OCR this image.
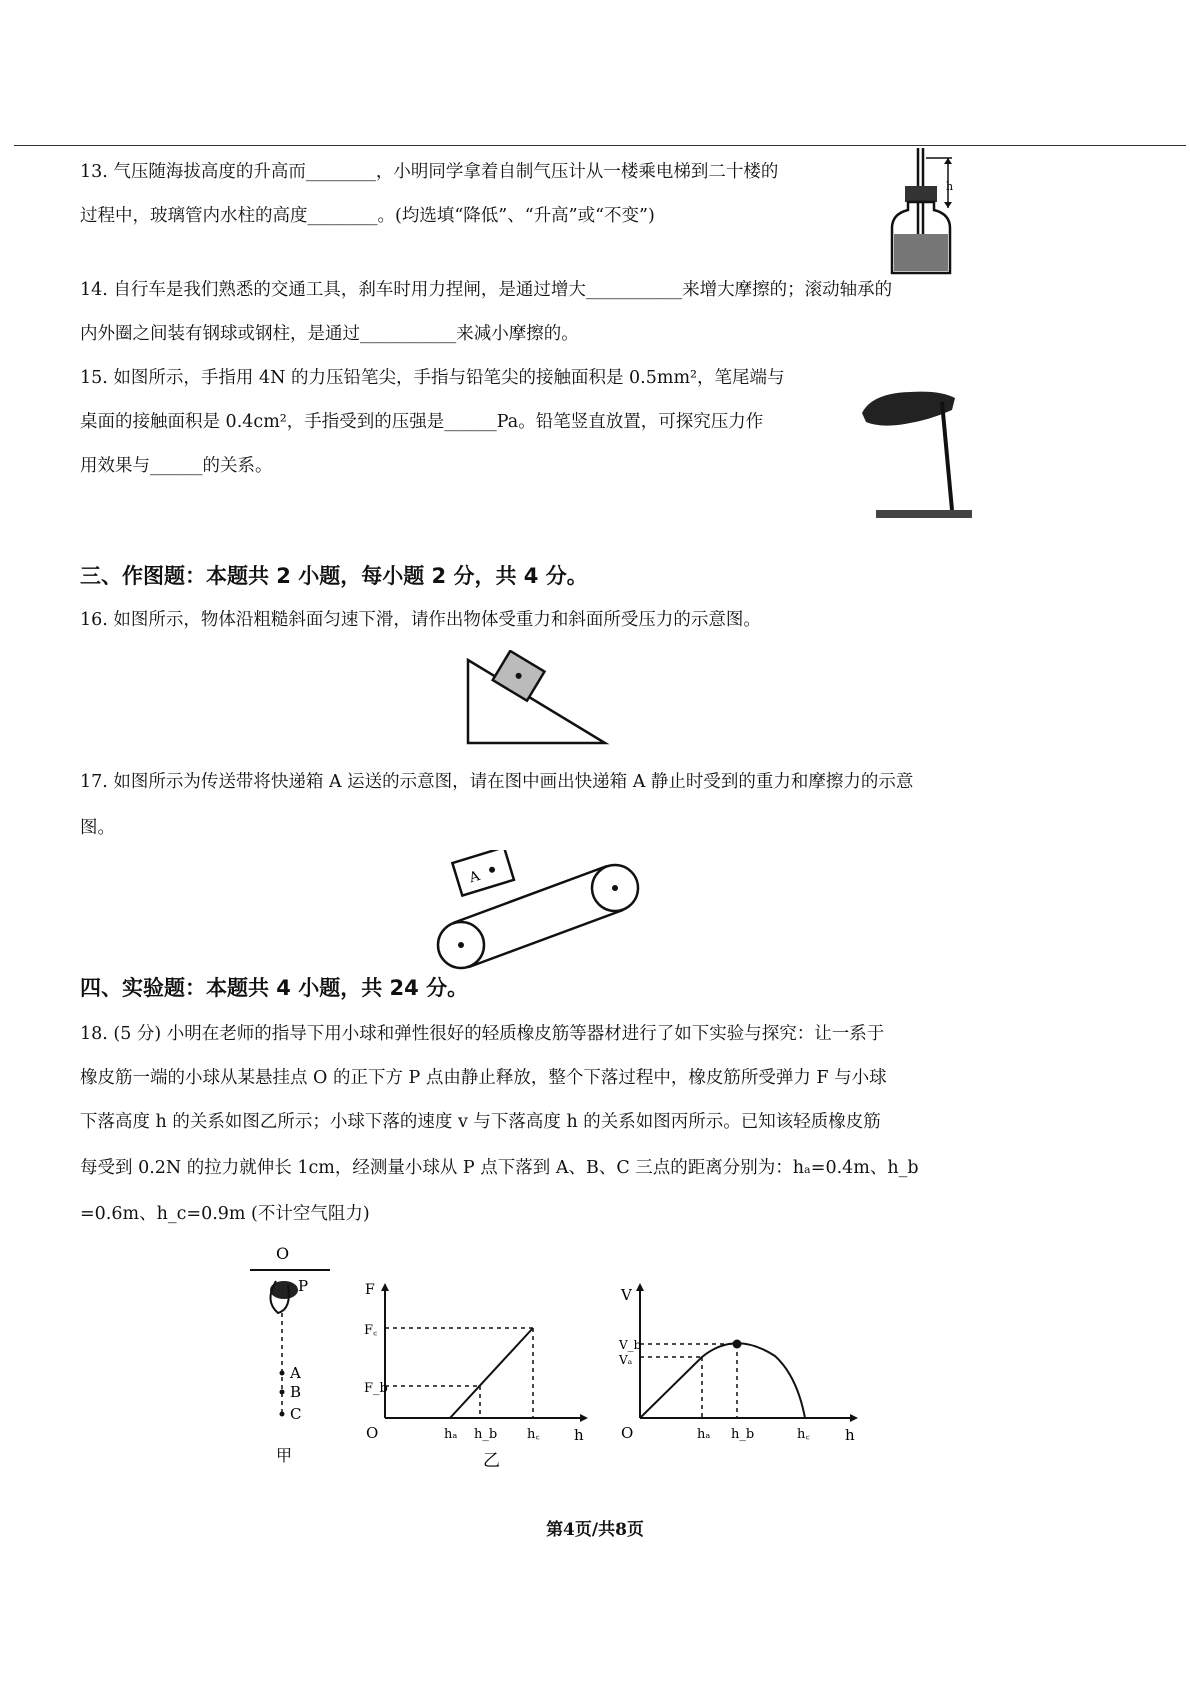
13. 气压随海拔高度的升高而________，小明同学拿着自制气压计从一楼乘电梯到二十楼的

过程中，玻璃管内水柱的高度________。(均选填“降低”、“升高”或“不变”)

h

14. 自行车是我们熟悉的交通工具，刹车时用力捏闸，是通过增大___________来增大摩擦的；滚动轴承的

内外圈之间装有钢球或钢柱，是通过___________来减小摩擦的。

15. 如图所示，手指用 4N 的力压铅笔尖，手指与铅笔尖的接触面积是 0.5mm²，笔尾端与

桌面的接触面积是 0.4cm²，手指受到的压强是______Pa。铅笔竖直放置，可探究压力作

用效果与______的关系。

三、作图题：本题共 2 小题，每小题 2 分，共 4 分。

16. 如图所示，物体沿粗糙斜面匀速下滑，请作出物体受重力和斜面所受压力的示意图。

17. 如图所示为传送带将快递箱 A 运送的示意图，请在图中画出快递箱 A 静止时受到的重力和摩擦力的示意

图。

A

四、实验题：本题共 4 小题，共 24 分。

18. (5 分) 小明在老师的指导下用小球和弹性很好的轻质橡皮筋等器材进行了如下实验与探究：让一系于

橡皮筋一端的小球从某悬挂点 O 的正下方 P 点由静止释放，整个下落过程中，橡皮筋所受弹力 F 与小球

下落高度 h 的关系如图乙所示；小球下落的速度 v 与下落高度 h 的关系如图丙所示。已知该轻质橡皮筋

每受到 0.2N 的拉力就伸长 1cm，经测量小球从 P 点下落到 A、B、C 三点的距离分别为：hₐ=0.4m、h_b

=0.6m、h_c=0.9m (不计空气阻力)

O
P
A
B
C
甲
F
h
O
F꜀
F_b
hₐ h_b h꜀
乙
V
h
O
V_b
Vₐ
hₐ h_b	h꜀
第4页/共8页
